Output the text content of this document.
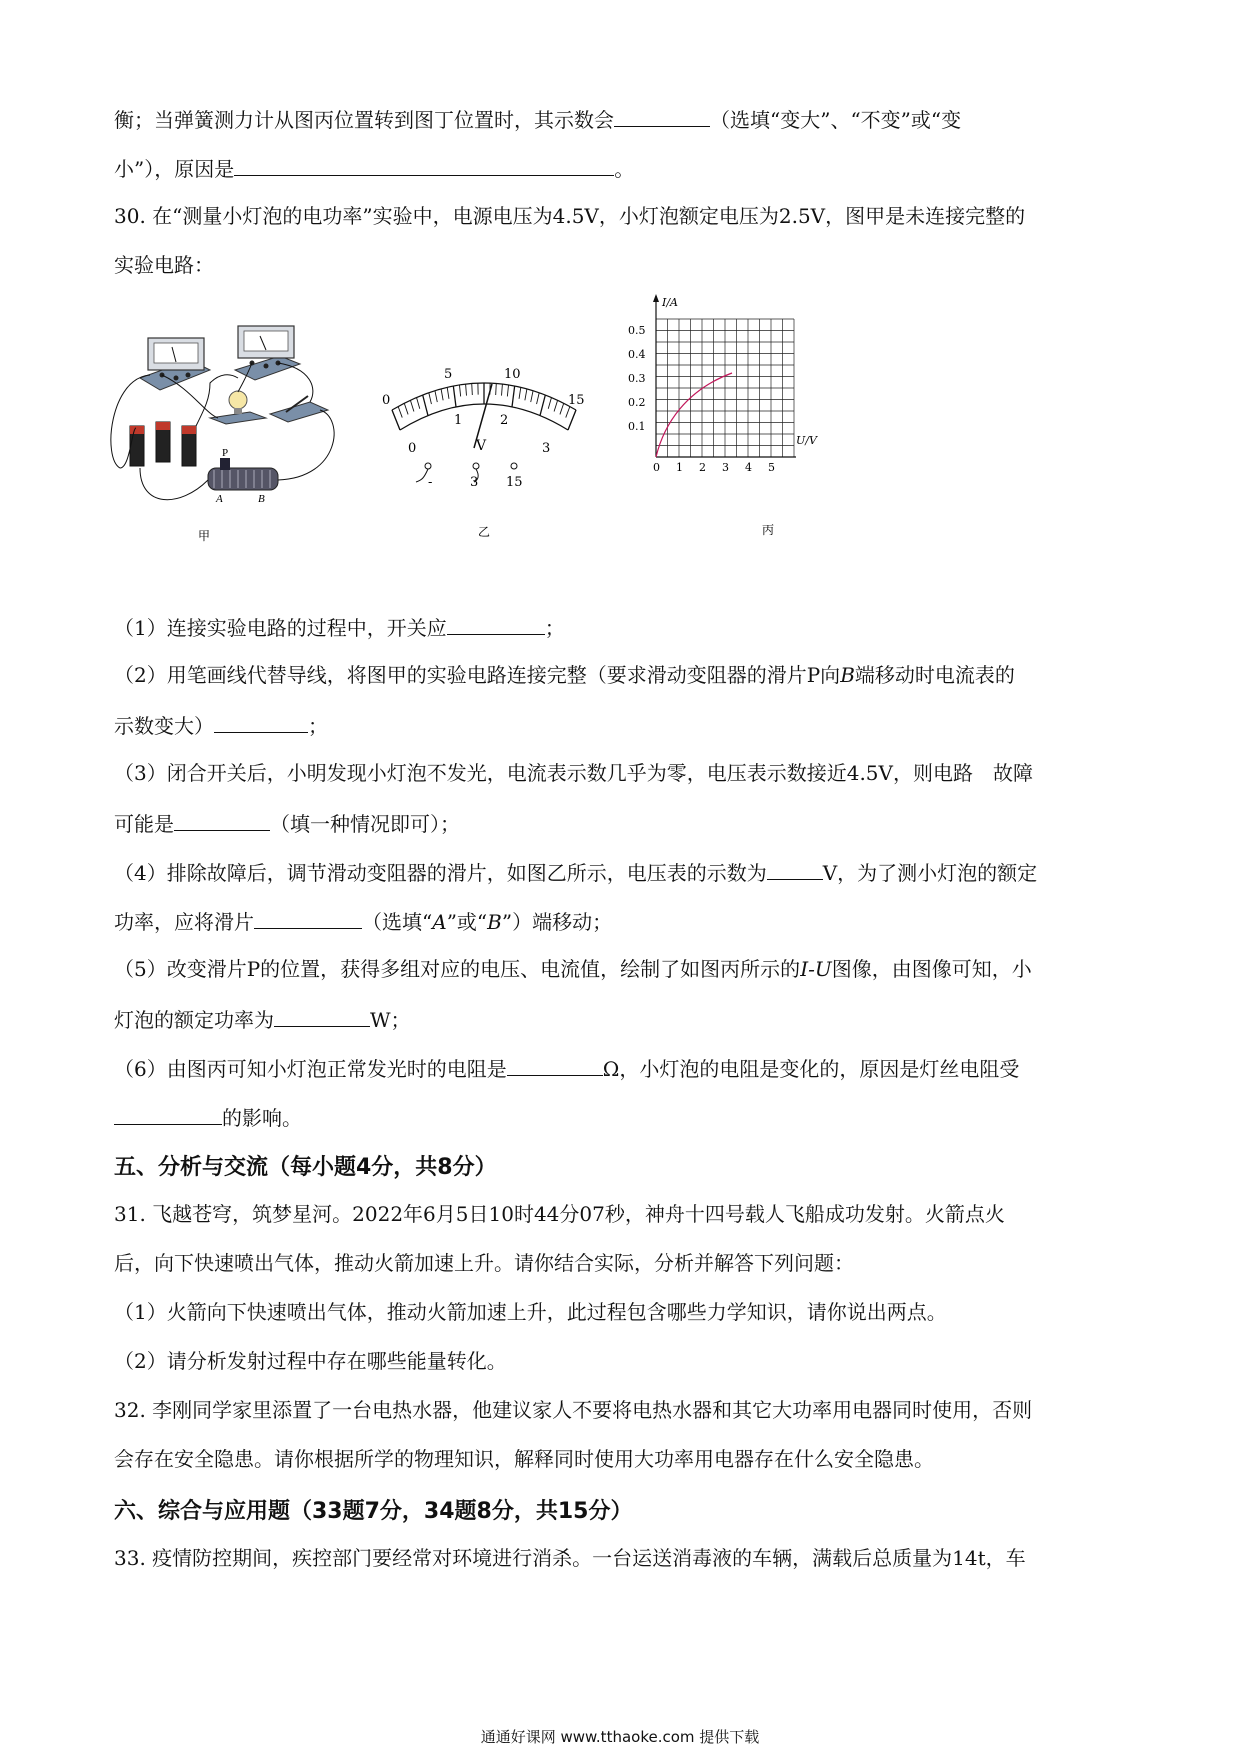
衡；当弹簧测力计从图丙位置转到图丁位置时，其示数会	（选填“变大”、“不变”或“变
小”），原因是	。
30. 在“测量小灯泡的电功率”实验中，电源电压为4.5V，小灯泡额定电压为2.5V，图甲是未连接完整的
实验电路：
P
A	B
甲
0
5	10
15
0
1	2
3
V
-	3 15
乙
I/A
U/V
0.5
0.4
0.3
0.2
0.1
0 1 2 3 4 5
丙
（1）连接实验电路的过程中，开关应	；
（2）用笔画线代替导线，将图甲的实验电路连接完整（要求滑动变阻器的滑片P向B端移动时电流表的
示数变大）	；
（3）闭合开关后，小明发现小灯泡不发光，电流表示数几乎为零，电压表示数接近4.5V，则电路　故障
可能是	（填一种情况即可）；
（4）排除故障后，调节滑动变阻器的滑片，如图乙所示，电压表的示数为	V，为了测小灯泡的额定
功率，应将滑片	（选填“A”或“B”）端移动；
（5）改变滑片P的位置，获得多组对应的电压、电流值，绘制了如图丙所示的I-U图像，由图像可知，小
灯泡的额定功率为	W；
（6）由图丙可知小灯泡正常发光时的电阻是	Ω，小灯泡的电阻是变化的，原因是灯丝电阻受
的影响。
五、分析与交流（每小题4分，共8分）
31. 飞越苍穹，筑梦星河。2022年6月5日10时44分07秒，神舟十四号载人飞船成功发射。火箭点火
后，向下快速喷出气体，推动火箭加速上升。请你结合实际，分析并解答下列问题：
（1）火箭向下快速喷出气体，推动火箭加速上升，此过程包含哪些力学知识，请你说出两点。
（2）请分析发射过程中存在哪些能量转化。
32. 李刚同学家里添置了一台电热水器，他建议家人不要将电热水器和其它大功率用电器同时使用，否则
会存在安全隐患。请你根据所学的物理知识，解释同时使用大功率用电器存在什么安全隐患。
六、综合与应用题（33题7分，34题8分，共15分）
33. 疫情防控期间，疾控部门要经常对环境进行消杀。一台运送消毒液的车辆，满载后总质量为14t，车
通通好课网 www.tthaoke.com 提供下载
